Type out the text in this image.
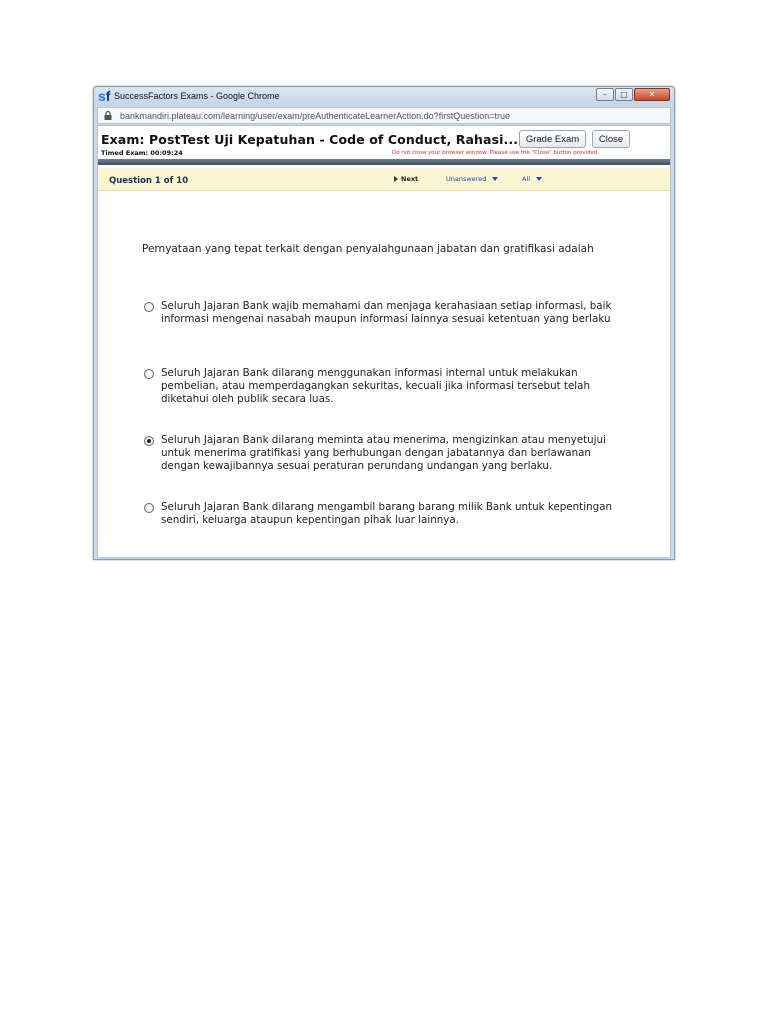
sf SuccessFactors Exams - Google Chrome	–	□	✕
bankmandiri.plateau.com/learning/user/exam/preAuthenticateLearnerAction.do?firstQuestion=true
Exam: PostTest Uji Kepatuhan - Code of Conduct, Rahasi...
Timed Exam: 00:09:24	Do not close your browser window. Please use the "Close" button provided.
Grade Exam	Close
Question 1 of 10	Next	Unanswered	All
Pernyataan yang tepat terkait dengan penyalahgunaan jabatan dan gratifikasi adalah
Seluruh Jajaran Bank wajib memahami dan menjaga kerahasiaan setiap informasi, baik informasi mengenai nasabah maupun informasi lainnya sesuai ketentuan yang berlaku
Seluruh Jajaran Bank dilarang menggunakan informasi internal untuk melakukan pembelian, atau memperdagangkan sekuritas, kecuali jika informasi tersebut telah diketahui oleh publik secara luas.
Seluruh Jajaran Bank dilarang meminta atau menerima, mengizinkan atau menyetujui untuk menerima gratifikasi yang berhubungan dengan jabatannya dan berlawanan dengan kewajibannya sesuai peraturan perundang undangan yang berlaku.
Seluruh Jajaran Bank dilarang mengambil barang barang milik Bank untuk kepentingan sendiri, keluarga ataupun kepentingan pihak luar lainnya.
